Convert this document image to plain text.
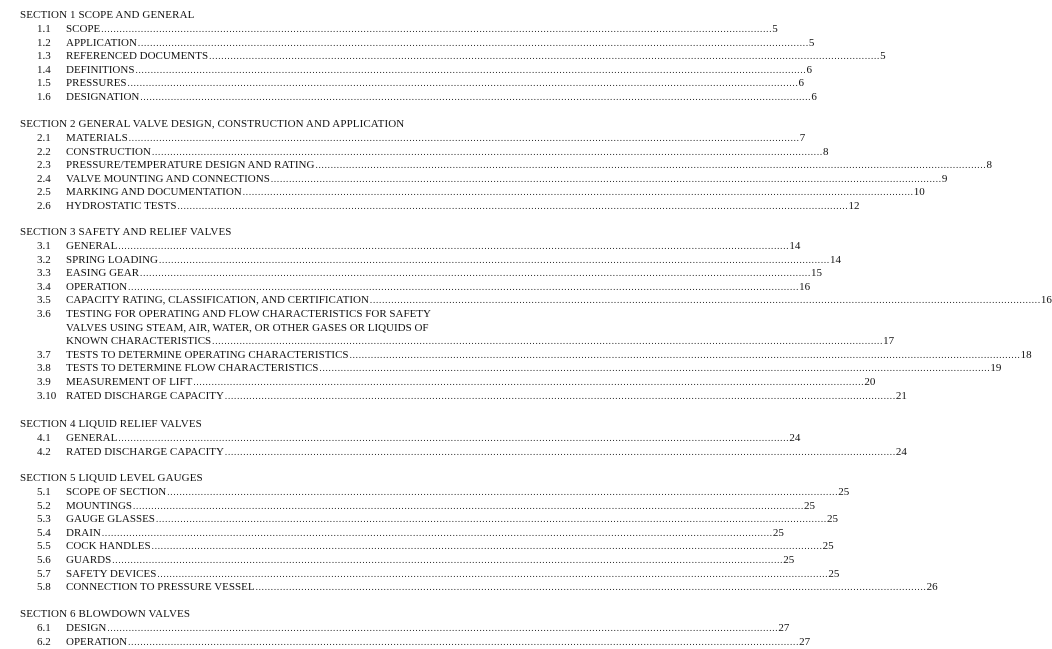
SECTION 1 SCOPE AND GENERAL
1.1 SCOPE ............................................................................................................................................................................................................................ 5
1.2 APPLICATION ............................................................................................................................................................................................................................ 5
1.3 REFERENCED DOCUMENTS ............................................................................................................................................................................................................................ 5
1.4 DEFINITIONS ............................................................................................................................................................................................................................ 6
1.5 PRESSURES ............................................................................................................................................................................................................................ 6
1.6 DESIGNATION ............................................................................................................................................................................................................................ 6
SECTION 2 GENERAL VALVE DESIGN, CONSTRUCTION AND APPLICATION
2.1 MATERIALS ............................................................................................................................................................................................................................ 7
2.2 CONSTRUCTION ............................................................................................................................................................................................................................ 8
2.3 PRESSURE/TEMPERATURE DESIGN AND RATING ............................................................................................................................................................................................................................ 8
2.4 VALVE MOUNTING AND CONNECTIONS ............................................................................................................................................................................................................................ 9
2.5 MARKING AND DOCUMENTATION ............................................................................................................................................................................................................................ 10
2.6 HYDROSTATIC TESTS ............................................................................................................................................................................................................................ 12
SECTION 3 SAFETY AND RELIEF VALVES
3.1 GENERAL ............................................................................................................................................................................................................................ 14
3.2 SPRING LOADING ............................................................................................................................................................................................................................ 14
3.3 EASING GEAR ............................................................................................................................................................................................................................ 15
3.4 OPERATION ............................................................................................................................................................................................................................ 16
3.5 CAPACITY RATING, CLASSIFICATION, AND CERTIFICATION ............................................................................................................................................................................................................................ 16
3.6 TESTING FOR OPERATING AND FLOW CHARACTERISTICS FOR SAFETY
VALVES USING STEAM, AIR, WATER, OR OTHER GASES OR LIQUIDS OF
KNOWN CHARACTERISTICS ............................................................................................................................................................................................................................ 17
3.7 TESTS TO DETERMINE OPERATING CHARACTERISTICS ............................................................................................................................................................................................................................ 18
3.8 TESTS TO DETERMINE FLOW CHARACTERISTICS ............................................................................................................................................................................................................................ 19
3.9 MEASUREMENT OF LIFT ............................................................................................................................................................................................................................ 20
3.10 RATED DISCHARGE CAPACITY ............................................................................................................................................................................................................................ 21
SECTION 4 LIQUID RELIEF VALVES
4.1 GENERAL ............................................................................................................................................................................................................................ 24
4.2 RATED DISCHARGE CAPACITY ............................................................................................................................................................................................................................ 24
SECTION 5 LIQUID LEVEL GAUGES
5.1 SCOPE OF SECTION ............................................................................................................................................................................................................................ 25
5.2 MOUNTINGS ............................................................................................................................................................................................................................ 25
5.3 GAUGE GLASSES ............................................................................................................................................................................................................................ 25
5.4 DRAIN ............................................................................................................................................................................................................................ 25
5.5 COCK HANDLES ............................................................................................................................................................................................................................ 25
5.6 GUARDS ............................................................................................................................................................................................................................ 25
5.7 SAFETY DEVICES ............................................................................................................................................................................................................................ 25
5.8 CONNECTION TO PRESSURE VESSEL ............................................................................................................................................................................................................................ 26
SECTION 6 BLOWDOWN VALVES
6.1 DESIGN ............................................................................................................................................................................................................................ 27
6.2 OPERATION ............................................................................................................................................................................................................................ 27
